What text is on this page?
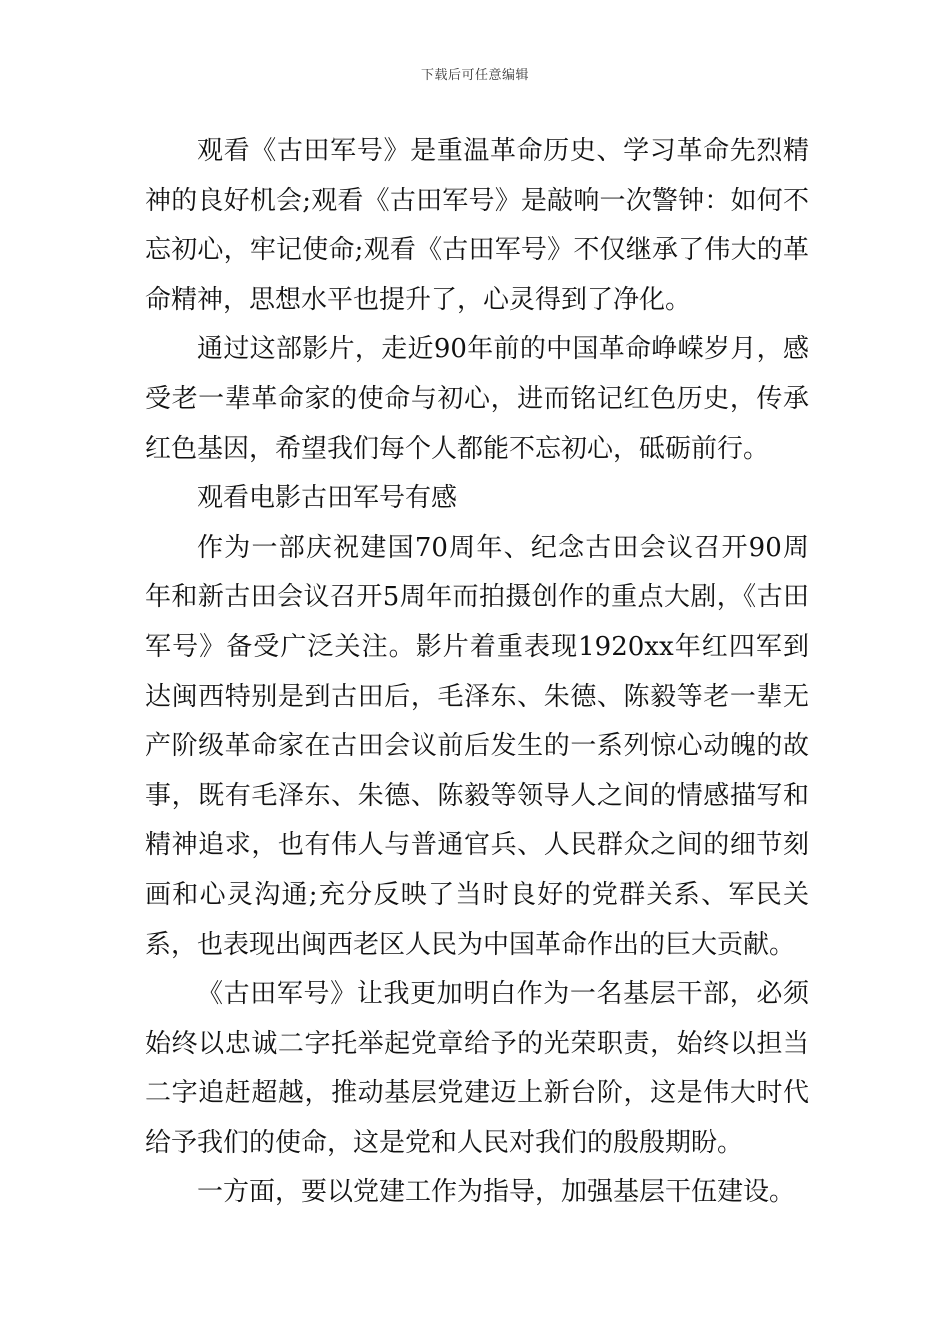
下载后可任意编辑

观看《古田军号》是重温革命历史、学习革命先烈精神的良好机会;观看《古田军号》是敲响一次警钟：如何不忘初心，牢记使命;观看《古田军号》不仅继承了伟大的革命精神，思想水平也提升了，心灵得到了净化。

通过这部影片，走近90年前的中国革命峥嵘岁月，感受老一辈革命家的使命与初心，进而铭记红色历史，传承红色基因，希望我们每个人都能不忘初心，砥砺前行。

观看电影古田军号有感

作为一部庆祝建国70周年、纪念古田会议召开90周年和新古田会议召开5周年而拍摄创作的重点大剧，《古田军号》备受广泛关注。影片着重表现1920xx年红四军到达闽西特别是到古田后，毛泽东、朱德、陈毅等老一辈无产阶级革命家在古田会议前后发生的一系列惊心动魄的故事，既有毛泽东、朱德、陈毅等领导人之间的情感描写和精神追求，也有伟人与普通官兵、人民群众之间的细节刻画和心灵沟通;充分反映了当时良好的党群关系、军民关系，也表现出闽西老区人民为中国革命作出的巨大贡献。

《古田军号》让我更加明白作为一名基层干部，必须始终以忠诚二字托举起党章给予的光荣职责，始终以担当二字追赶超越，推动基层党建迈上新台阶，这是伟大时代给予我们的使命，这是党和人民对我们的殷殷期盼。

一方面，要以党建工作为指导，加强基层干伍建设。
